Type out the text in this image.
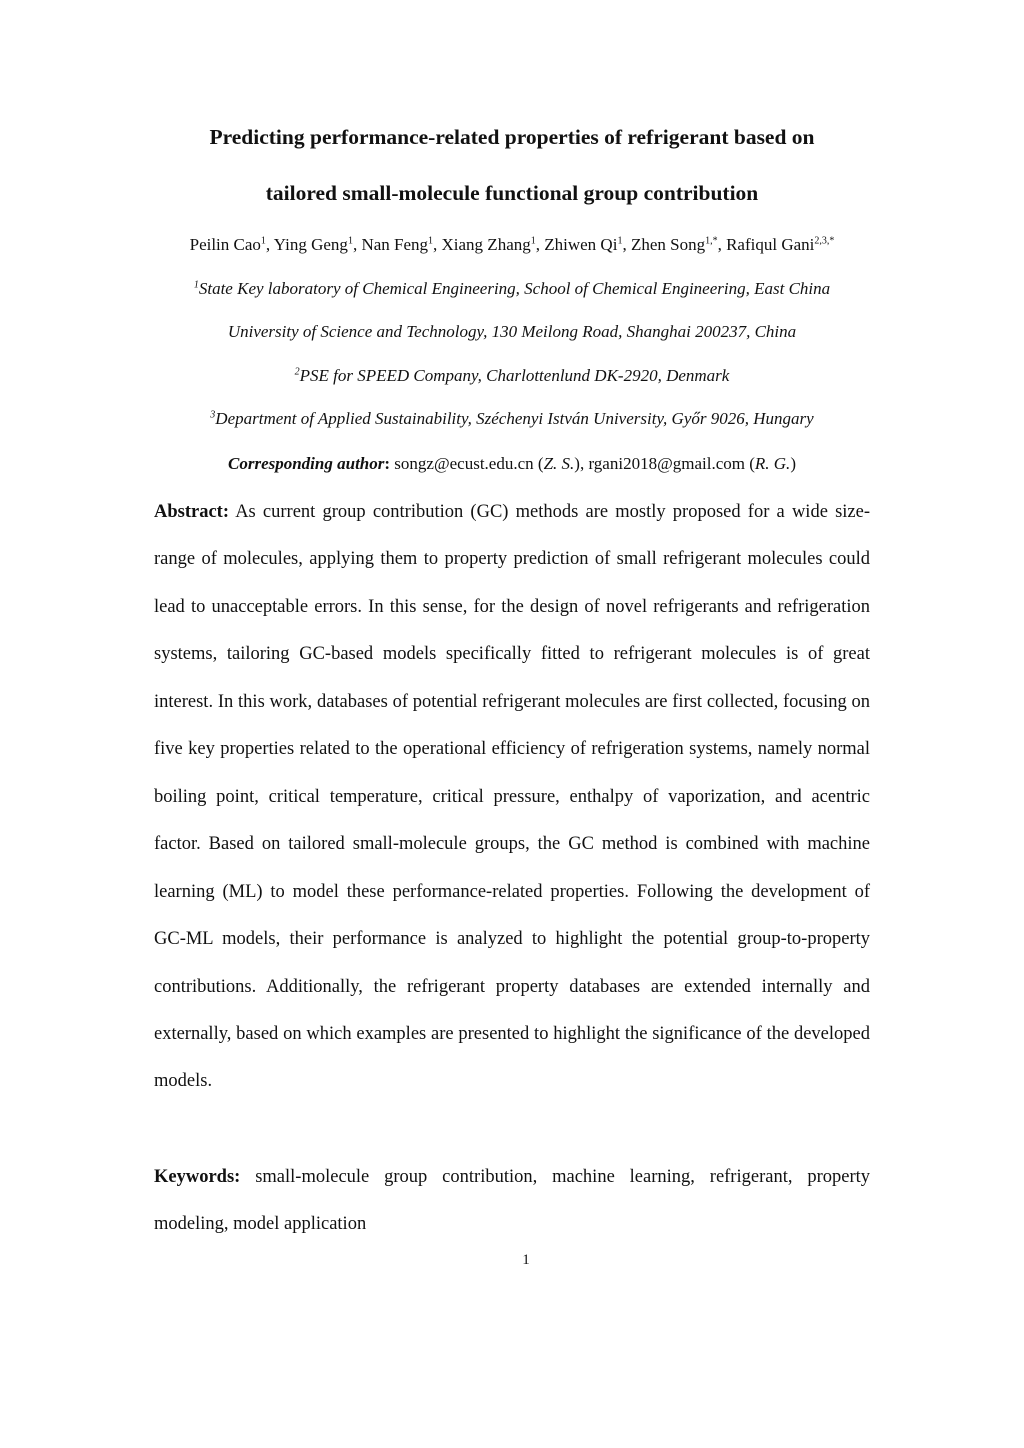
Predicting performance-related properties of refrigerant based on
tailored small-molecule functional group contribution
Peilin Cao$^1$, Ying Geng$^1$, Nan Feng$^1$, Xiang Zhang$^1$, Zhiwen Qi$^1$, Zhen Song$^{1,*}$, Rafiqul Gani$^{2,3,*}$
$^1$State Key laboratory of Chemical Engineering, School of Chemical Engineering, East China
University of Science and Technology, 130 Meilong Road, Shanghai 200237, China
$^2$PSE for SPEED Company, Charlottenlund DK-2920, Denmark
$^3$Department of Applied Sustainability, Széchenyi István University, Győr 9026, Hungary
Corresponding author: songz@ecust.edu.cn (Z. S.), rgani2018@gmail.com (R. G.)

Abstract: As current group contribution (GC) methods are mostly proposed for a wide size-range of molecules, applying them to property prediction of small refrigerant molecules could lead to unacceptable errors. In this sense, for the design of novel refrigerants and refrigeration systems, tailoring GC-based models specifically fitted to refrigerant molecules is of great interest. In this work, databases of potential refrigerant molecules are first collected, focusing on five key properties related to the operational efficiency of refrigeration systems, namely normal boiling point, critical temperature, critical pressure, enthalpy of vaporization, and acentric factor. Based on tailored small-molecule groups, the GC method is combined with machine learning (ML) to model these performance-related properties. Following the development of GC-ML models, their performance is analyzed to highlight the potential group-to-property contributions. Additionally, the refrigerant property databases are extended internally and externally, based on which examples are presented to highlight the significance of the developed models.

Keywords: small-molecule group contribution, machine learning, refrigerant, property modeling, model application

1
